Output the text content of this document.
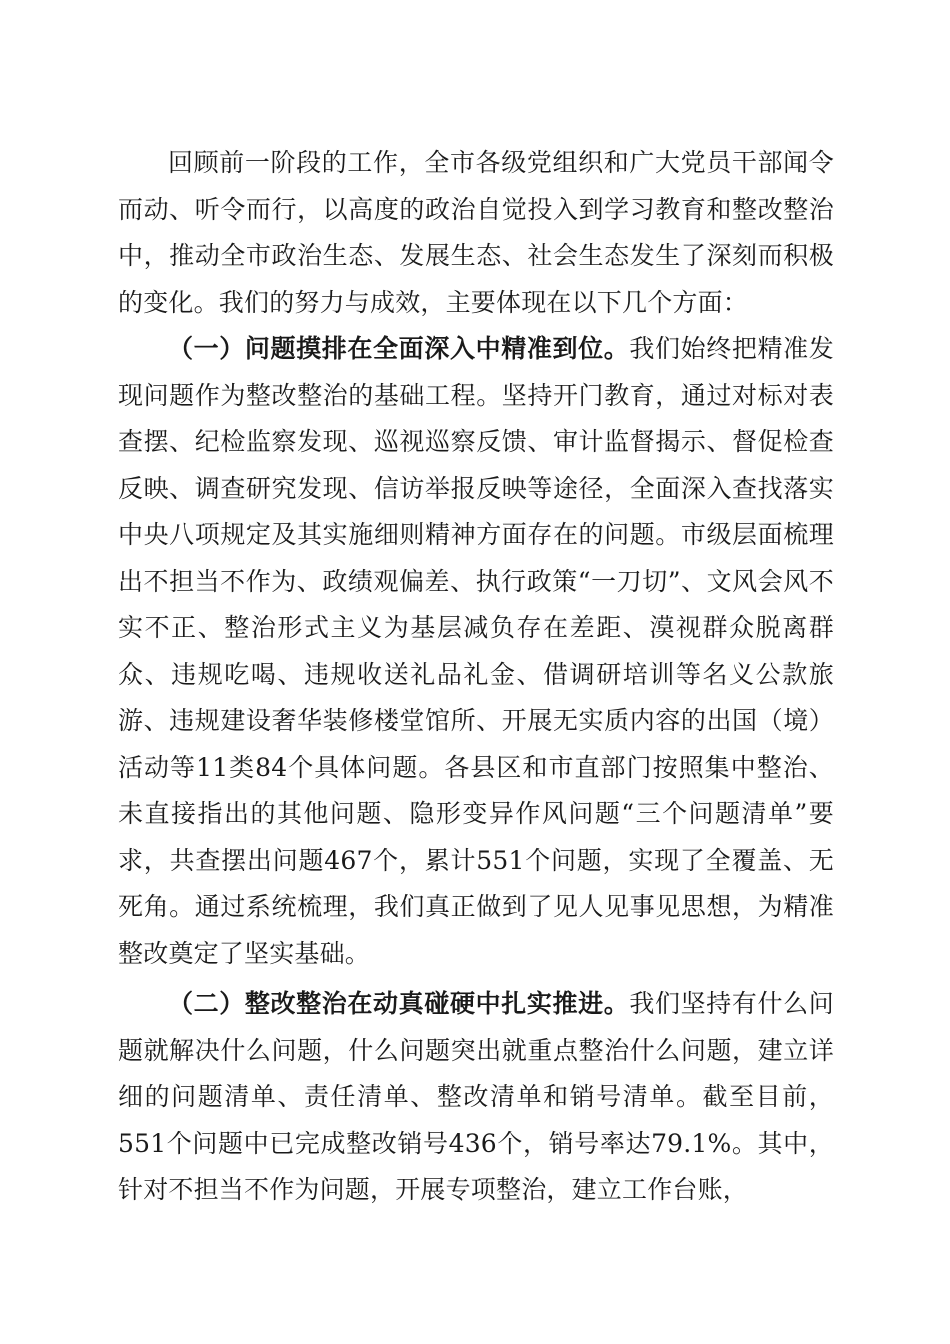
回顾前一阶段的工作，全市各级党组织和广大党员干部闻令而动、听令而行，以高度的政治自觉投入到学习教育和整改整治中，推动全市政治生态、发展生态、社会生态发生了深刻而积极的变化。我们的努力与成效，主要体现在以下几个方面：

（一）问题摸排在全面深入中精准到位。我们始终把精准发现问题作为整改整治的基础工程。坚持开门教育，通过对标对表查摆、纪检监察发现、巡视巡察反馈、审计监督揭示、督促检查反映、调查研究发现、信访举报反映等途径，全面深入查找落实中央八项规定及其实施细则精神方面存在的问题。市级层面梳理出不担当不作为、政绩观偏差、执行政策“一刀切”、文风会风不实不正、整治形式主义为基层减负存在差距、漠视群众脱离群众、违规吃喝、违规收送礼品礼金、借调研培训等名义公款旅游、违规建设奢华装修楼堂馆所、开展无实质内容的出国（境）活动等11类84个具体问题。各县区和市直部门按照集中整治、未直接指出的其他问题、隐形变异作风问题“三个问题清单”要求，共查摆出问题467个，累计551个问题，实现了全覆盖、无死角。通过系统梳理，我们真正做到了见人见事见思想，为精准整改奠定了坚实基础。

（二）整改整治在动真碰硬中扎实推进。我们坚持有什么问题就解决什么问题，什么问题突出就重点整治什么问题，建立详细的问题清单、责任清单、整改清单和销号清单。截至目前，551个问题中已完成整改销号436个，销号率达79.1%。其中，针对不担当不作为问题，开展专项整治，建立工作台账，
